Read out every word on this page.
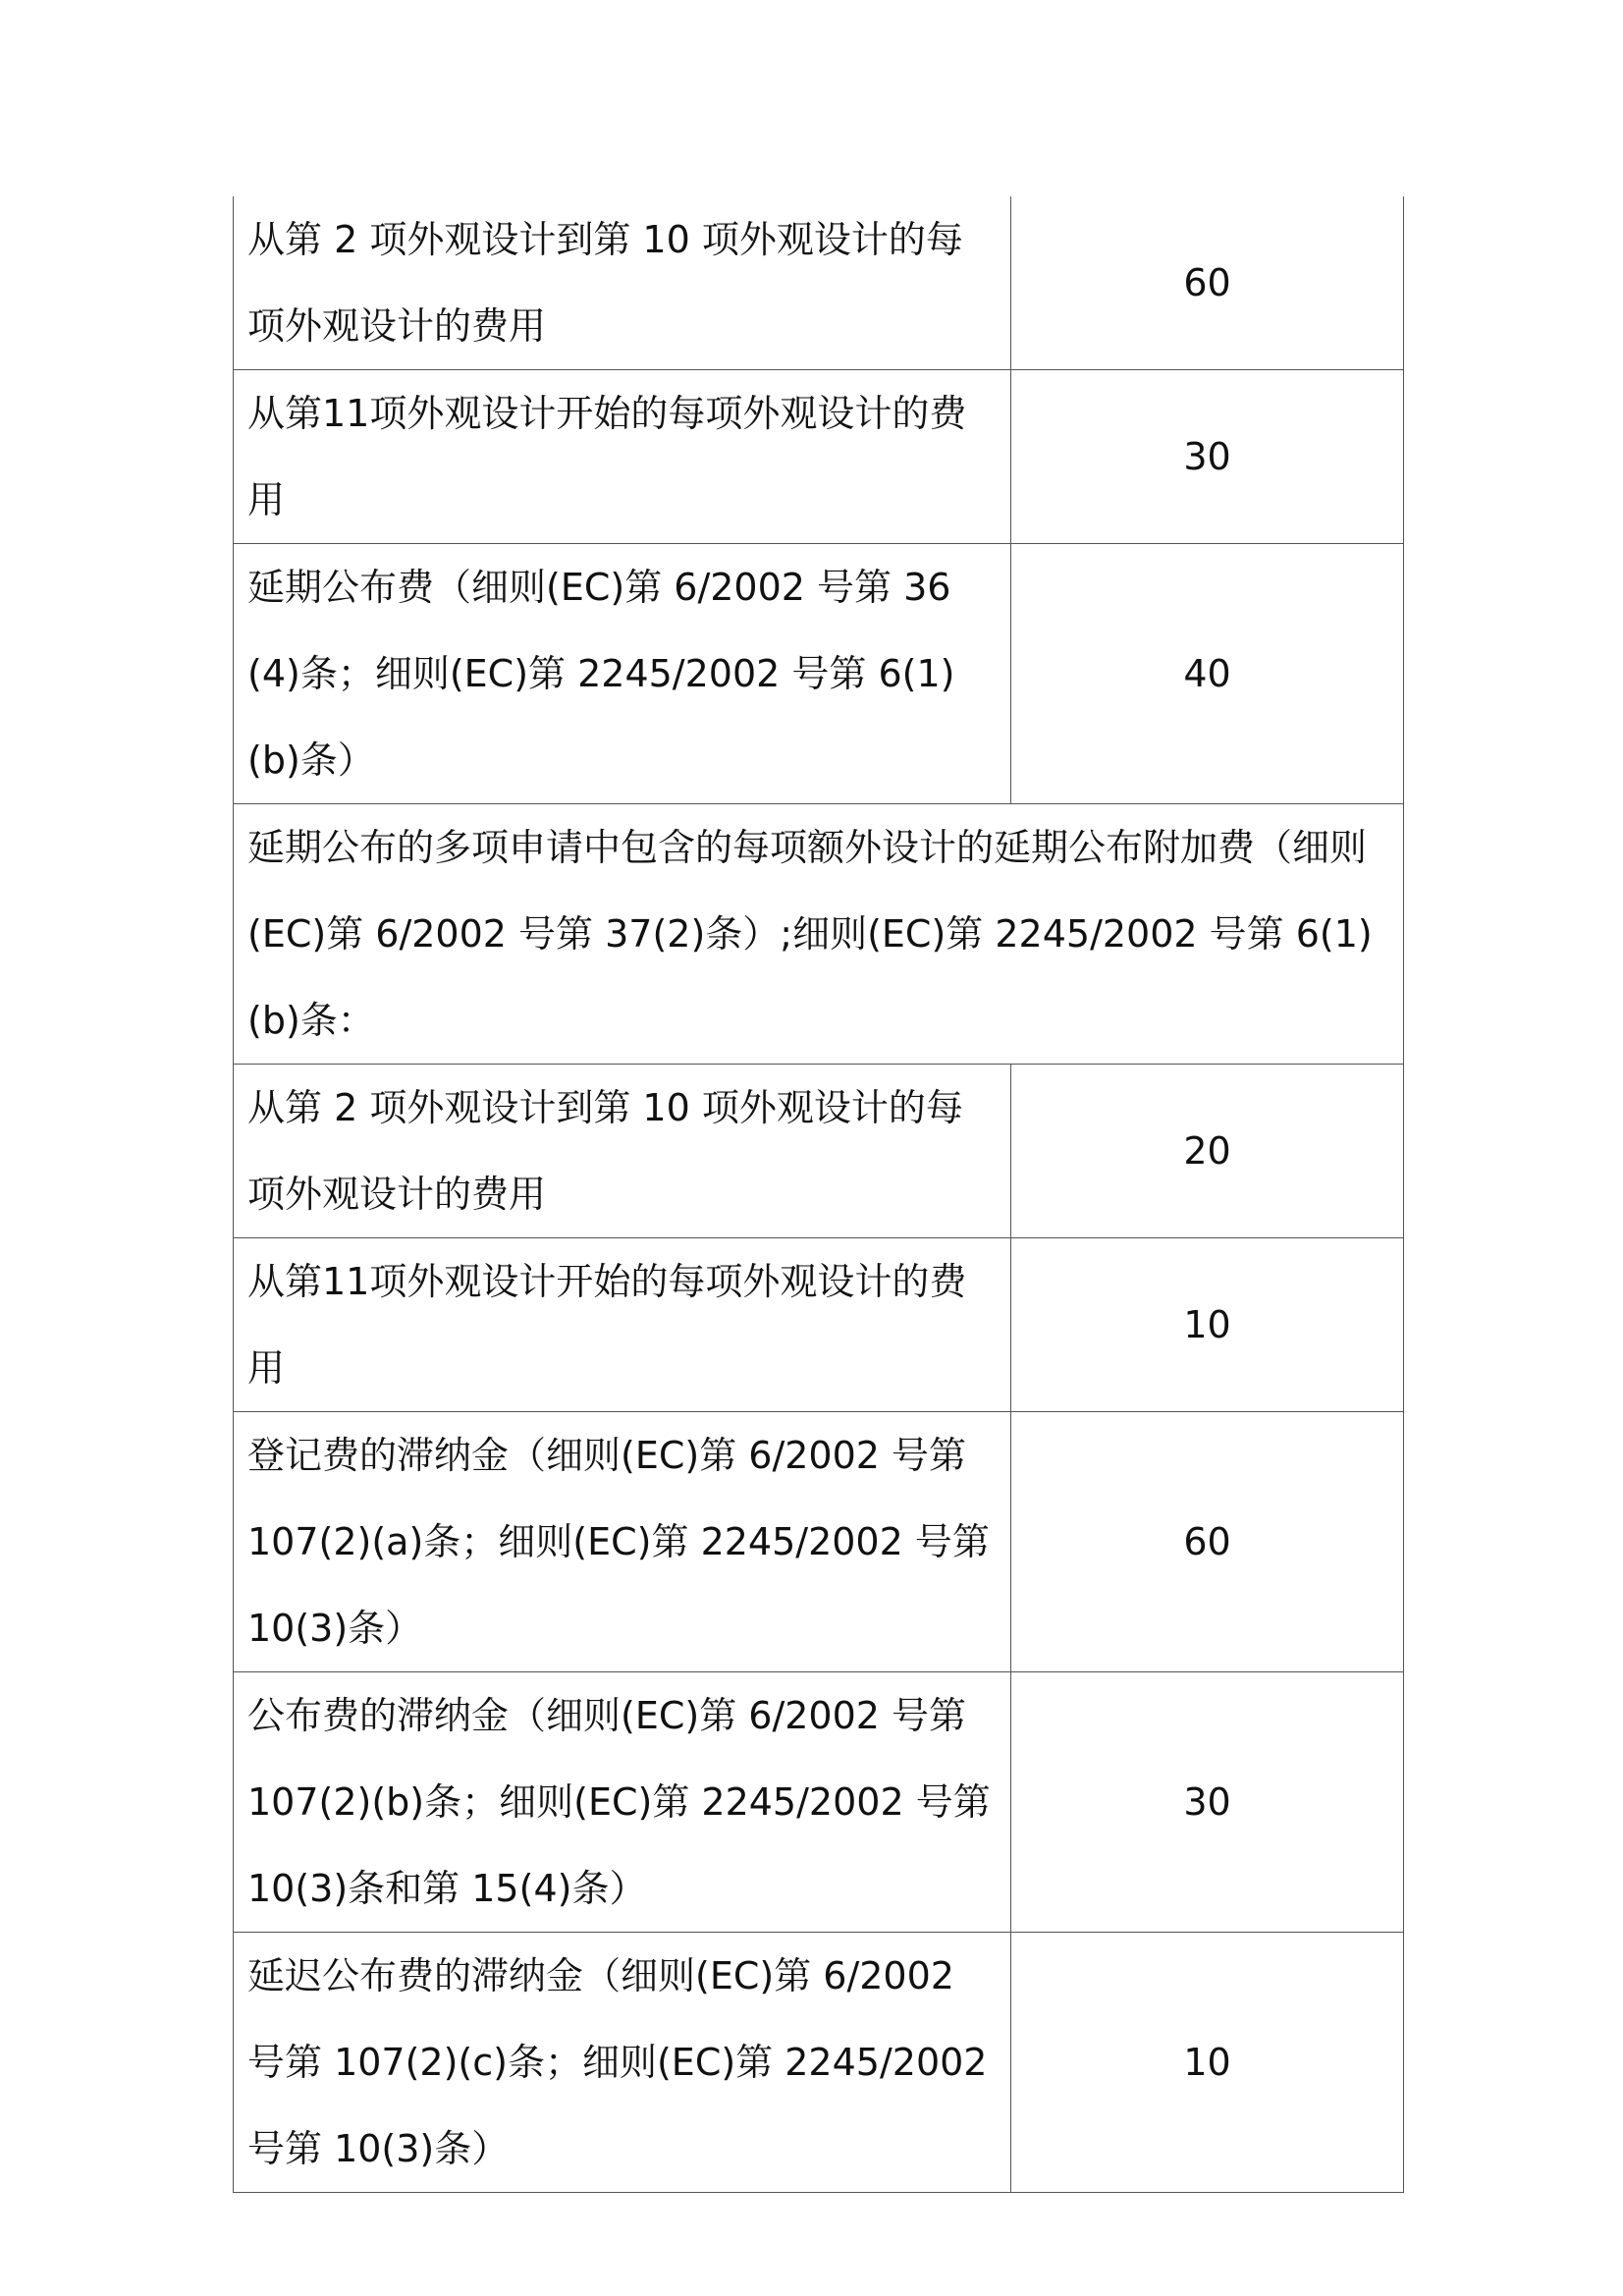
从第 2 项外观设计到第 10 项外观设计的每项外观设计的费用	60
从第11项外观设计开始的每项外观设计的费用	30
延期公布费（细则(EC)第 6/2002 号第 36(4)条；细则(EC)第 2245/2002 号第 6(1)(b)条）	40
延期公布的多项申请中包含的每项额外设计的延期公布附加费（细则(EC)第 6/2002 号第 37(2)条）;细则(EC)第 2245/2002 号第 6(1)(b)条：	
从第 2 项外观设计到第 10 项外观设计的每项外观设计的费用	20
从第11项外观设计开始的每项外观设计的费用	10
登记费的滞纳金（细则(EC)第 6/2002 号第 107(2)(a)条；细则(EC)第 2245/2002 号第 10(3)条）	60
公布费的滞纳金（细则(EC)第 6/2002 号第 107(2)(b)条；细则(EC)第 2245/2002 号第 10(3)条和第 15(4)条）	30
延迟公布费的滞纳金（细则(EC)第 6/2002 号第 107(2)(c)条；细则(EC)第 2245/2002 号第 10(3)条）	10
